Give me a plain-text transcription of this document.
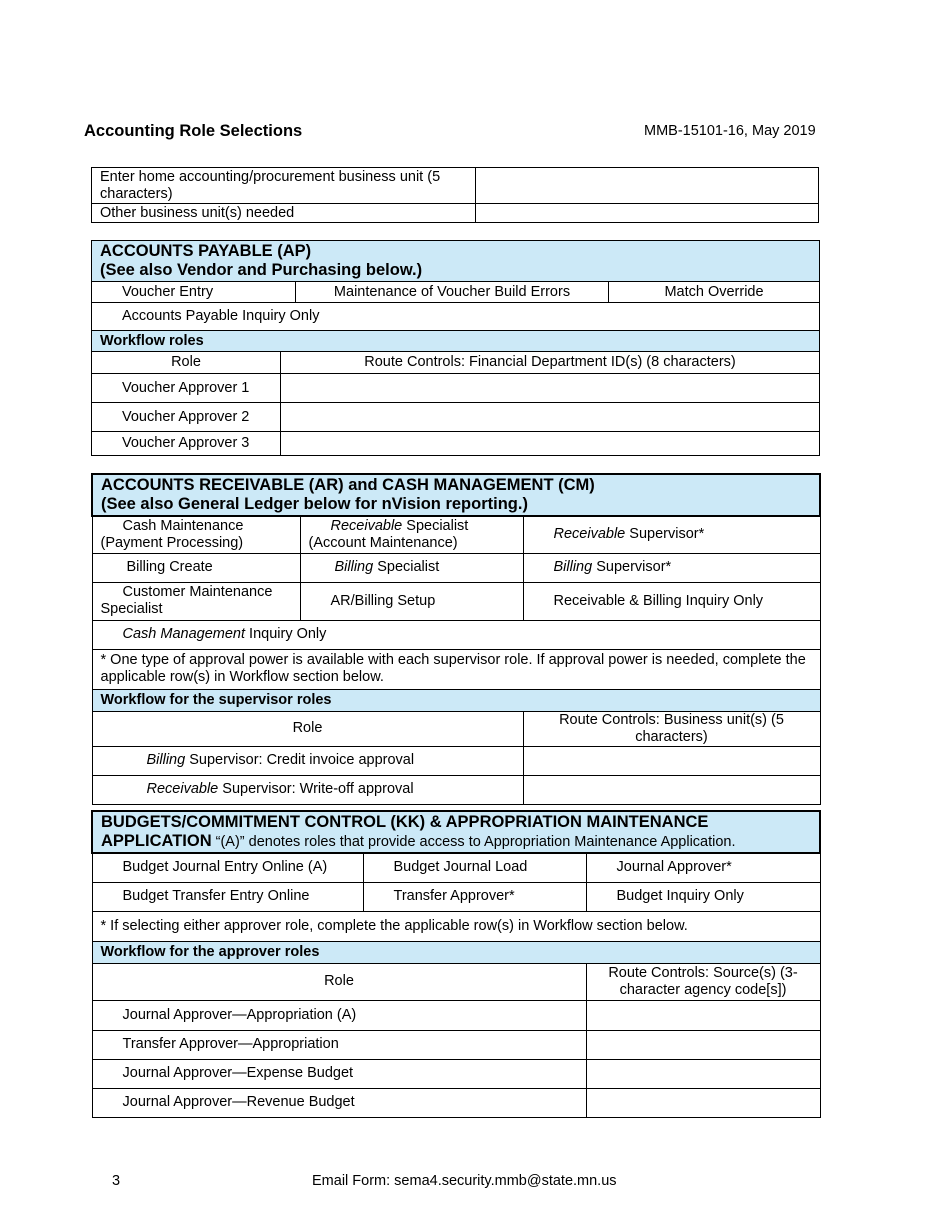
Accounting Role Selections	MMB-15101-16, May 2019
Enter home accounting/procurement business unit (5 characters)	
Other business unit(s) needed	
ACCOUNTS PAYABLE (AP)
(See also Vendor and Purchasing below.)			

Voucher Entry		Maintenance of Voucher Build Errors	Match Override
Accounts Payable Inquiry Only			
Workflow roles			
Role	Route Controls: Financial Department ID(s) (8 characters)		
Voucher Approver 1			
Voucher Approver 2			
Voucher Approver 3			
ACCOUNTS RECEIVABLE (AR) and CASH MANAGEMENT (CM)
(See also General Ledger below for nVision reporting.)		

Cash Maintenance (Payment Processing)	Receivable Specialist (Account Maintenance)	Receivable Supervisor*
Billing Create	Billing Specialist	Billing Supervisor*
Customer Maintenance Specialist	AR/Billing Setup	Receivable & Billing Inquiry Only
Cash Management Inquiry Only		
* One type of approval power is available with each supervisor role. If approval power is needed, complete the applicable row(s) in Workflow section below.		
Workflow for the supervisor roles		
Role		Route Controls: Business unit(s) (5 characters)
Billing Supervisor: Credit invoice approval		
Receivable Supervisor: Write-off approval		
BUDGETS/COMMITMENT CONTROL (KK) & APPROPRIATION MAINTENANCE
APPLICATION “(A)” denotes roles that provide access to Appropriation Maintenance Application.		

Budget Journal Entry Online (A)	Budget Journal Load	Journal Approver*
Budget Transfer Entry Online	Transfer Approver*	Budget Inquiry Only
* If selecting either approver role, complete the applicable row(s) in Workflow section below.		
Workflow for the approver roles		
Role		Route Controls: Source(s) (3-character agency code[s])
Journal Approver—Appropriation (A)		
Transfer Approver—Appropriation		
Journal Approver—Expense Budget		
Journal Approver—Revenue Budget		
3	Email Form: sema4.security.mmb@state.mn.us
